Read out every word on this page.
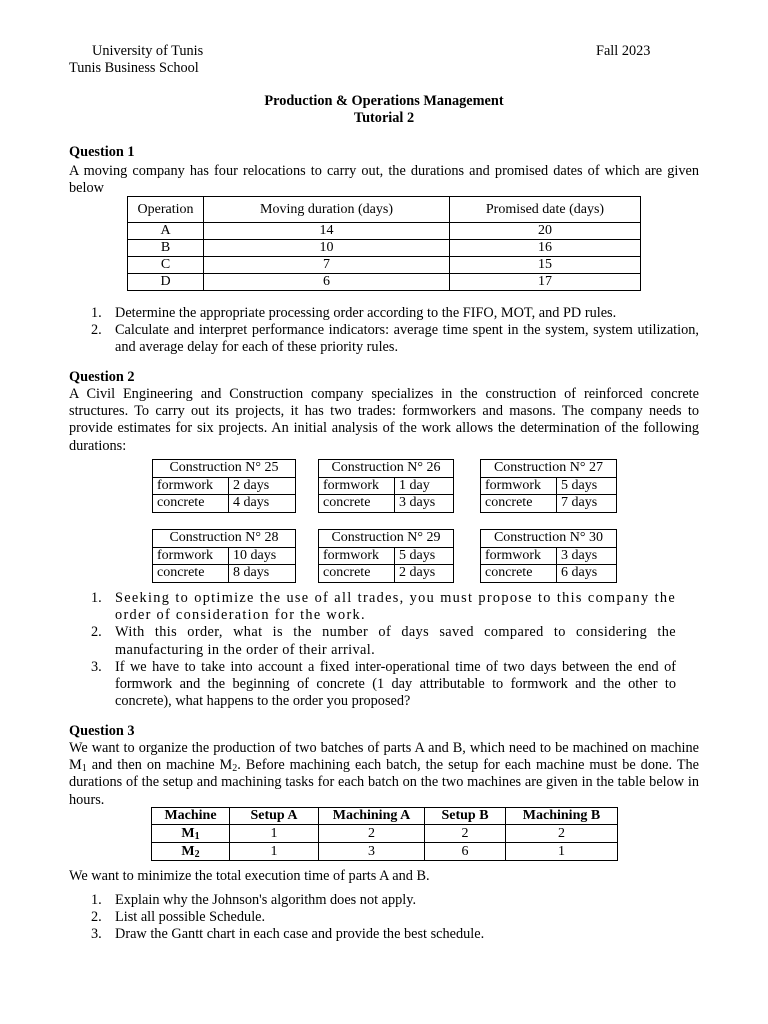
University of Tunis
Tunis Business School
Fall 2023
Production & Operations Management
Tutorial 2
Question 1
A moving company has four relocations to carry out, the durations and promised dates of which are given below
Operation	Moving duration (days)	Promised date (days)
A	14	20
B	10	16
C	7	15
D	6	17
1. Determine the appropriate processing order according to the FIFO, MOT, and PD rules.
2. Calculate and interpret performance indicators: average time spent in the system, system utilization, and average delay for each of these priority rules.
Question 2
A Civil Engineering and Construction company specializes in the construction of reinforced concrete structures. To carry out its projects, it has two trades: formworkers and masons. The company needs to provide estimates for six projects. An initial analysis of the work allows the determination of the following durations:
Construction N° 25	
formwork	2 days
concrete	4 days
Construction N° 26	
formwork	1 day
concrete	3 days
Construction N° 27	
formwork	5 days
concrete	7 days
Construction N° 28	
formwork	10 days
concrete	8 days
Construction N° 29	
formwork	5 days
concrete	2 days
Construction N° 30	
formwork	3 days
concrete	6 days
1. Seeking to optimize the use of all trades, you must propose to this company the order of consideration for the work.
2. With this order, what is the number of days saved compared to considering the manufacturing in the order of their arrival.
3. If we have to take into account a fixed inter-operational time of two days between the end of formwork and the beginning of concrete (1 day attributable to formwork and the other to concrete), what happens to the order you proposed?
Question 3
We want to organize the production of two batches of parts A and B, which need to be machined on machine $M_1$ and then on machine $M_2$. Before machining each batch, the setup for each machine must be done. The durations of the setup and machining tasks for each batch on the two machines are given in the table below in hours.
Machine	Setup A	Machining A	Setup B	Machining B
$M_1$	1	2	2	2
$M_2$	1	3	6	1
We want to minimize the total execution time of parts A and B.
1. Explain why the Johnson's algorithm does not apply.
2. List all possible Schedule.
3. Draw the Gantt chart in each case and provide the best schedule.
